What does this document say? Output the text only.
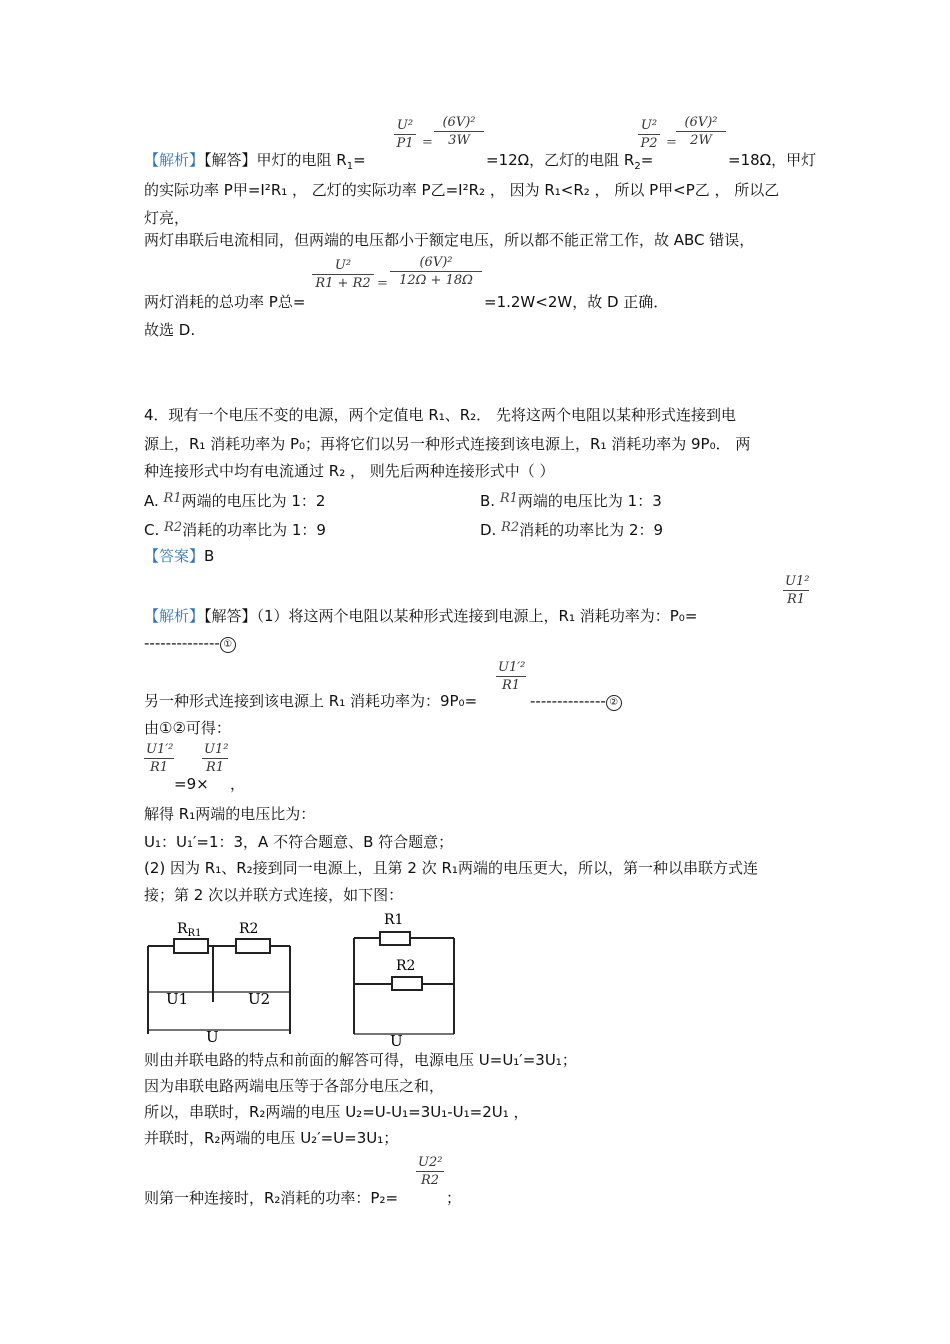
【解析】【解答】甲灯的电阻 $R_1=$
U²
P1 =
(6V)²
3W
=12Ω，乙灯的电阻 $R_2=$
U²
P2 =
(6V)²
2W
=18Ω，甲灯
的实际功率 P甲=I²R₁ ， 乙灯的实际功率 P乙=I²R₂ ， 因为 R₁<R₂ ， 所以 P甲<P乙 ， 所以乙
灯亮，
两灯串联后电流相同，但两端的电压都小于额定电压，所以都不能正常工作，故 ABC 错误，
两灯消耗的总功率 P总=
U²
R1 + R2 =
(6V)²
12Ω + 18Ω
=1.2W<2W，故 D 正确．
故选 D.
4．现有一个电压不变的电源，两个定值电 R₁、R₂． 先将这两个电阻以某种形式连接到电
源上，R₁ 消耗功率为 P₀；再将它们以另一种形式连接到该电源上，R₁ 消耗功率为 9P₀． 两
种连接形式中均有电流通过 R₂ ， 则先后两种连接形式中（ ）
A. R1两端的电压比为 1：2	B. R1两端的电压比为 1：3
C. R2消耗的功率比为 1：9	D. R2消耗的功率比为 2：9
【答案】B
【解析】【解答】（1）将这两个电阻以某种形式连接到电源上，R₁ 消耗功率为：P₀=
U1²
R1
-------------- ①
另一种形式连接到该电源上 R₁ 消耗功率为：9P₀=
U1′²
R1
-------------- ②
由①②可得：
U1′²
R1
=9×
U1²
R1
，
解得 R₁两端的电压比为：
U₁：U₁′=1：3，A 不符合题意、B 符合题意；
(2) 因为 R₁、R₂接到同一电源上，且第 2 次 R₁两端的电压更大，所以，第一种以串联方式连
接；第 2 次以并联方式连接，如下图：
$R_{R1}$	R2
U1	U2
U
R1
R2
U
则由并联电路的特点和前面的解答可得，电源电压 U=U₁′=3U₁；
因为串联电路两端电压等于各部分电压之和，
所以，串联时，R₂两端的电压 U₂=U-U₁=3U₁-U₁=2U₁ ，
并联时，R₂两端的电压 U₂′=U=3U₁；
则第一种连接时，R₂消耗的功率：P₂=
U2²
R2
；
